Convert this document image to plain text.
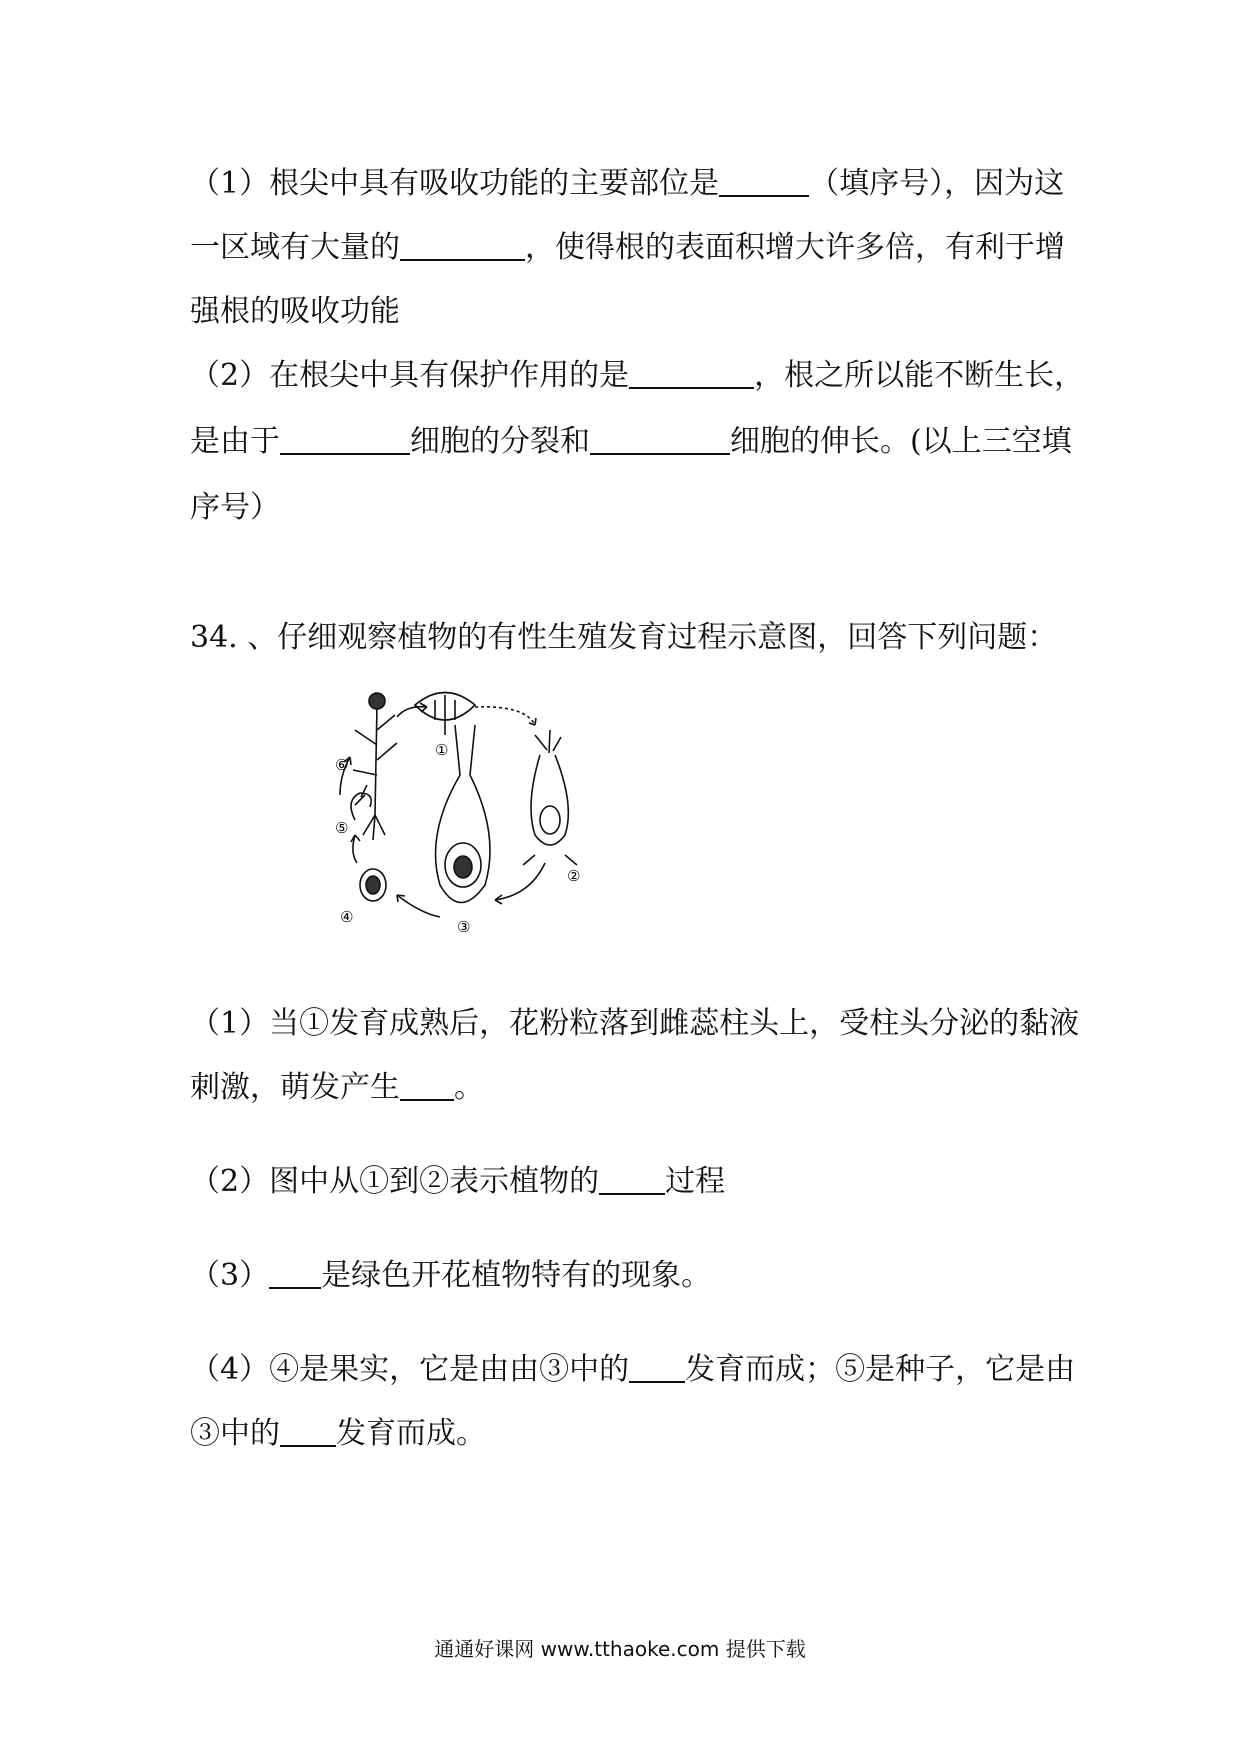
（1）根尖中具有吸收功能的主要部位是	（填序号），因为这
一区域有大量的	，使得根的表面积增大许多倍，有利于增
强根的吸收功能
（2）在根尖中具有保护作用的是	，根之所以能不断生长，
是由于	细胞的分裂和	细胞的伸长。(以上三空填
序号）
34. 、仔细观察植物的有性生殖发育过程示意图，回答下列问题：
①
②
③
④
⑤
⑥
（1）当①发育成熟后，花粉粒落到雌蕊柱头上，受柱头分泌的黏液
刺激，萌发产生 。
（2）图中从①到②表示植物的 过程
（3） 是绿色开花植物特有的现象。
（4）④是果实，它是由由③中的 发育而成；⑤是种子，它是由
③中的 发育而成。
通通好课网 www.tthaoke.com 提供下载
